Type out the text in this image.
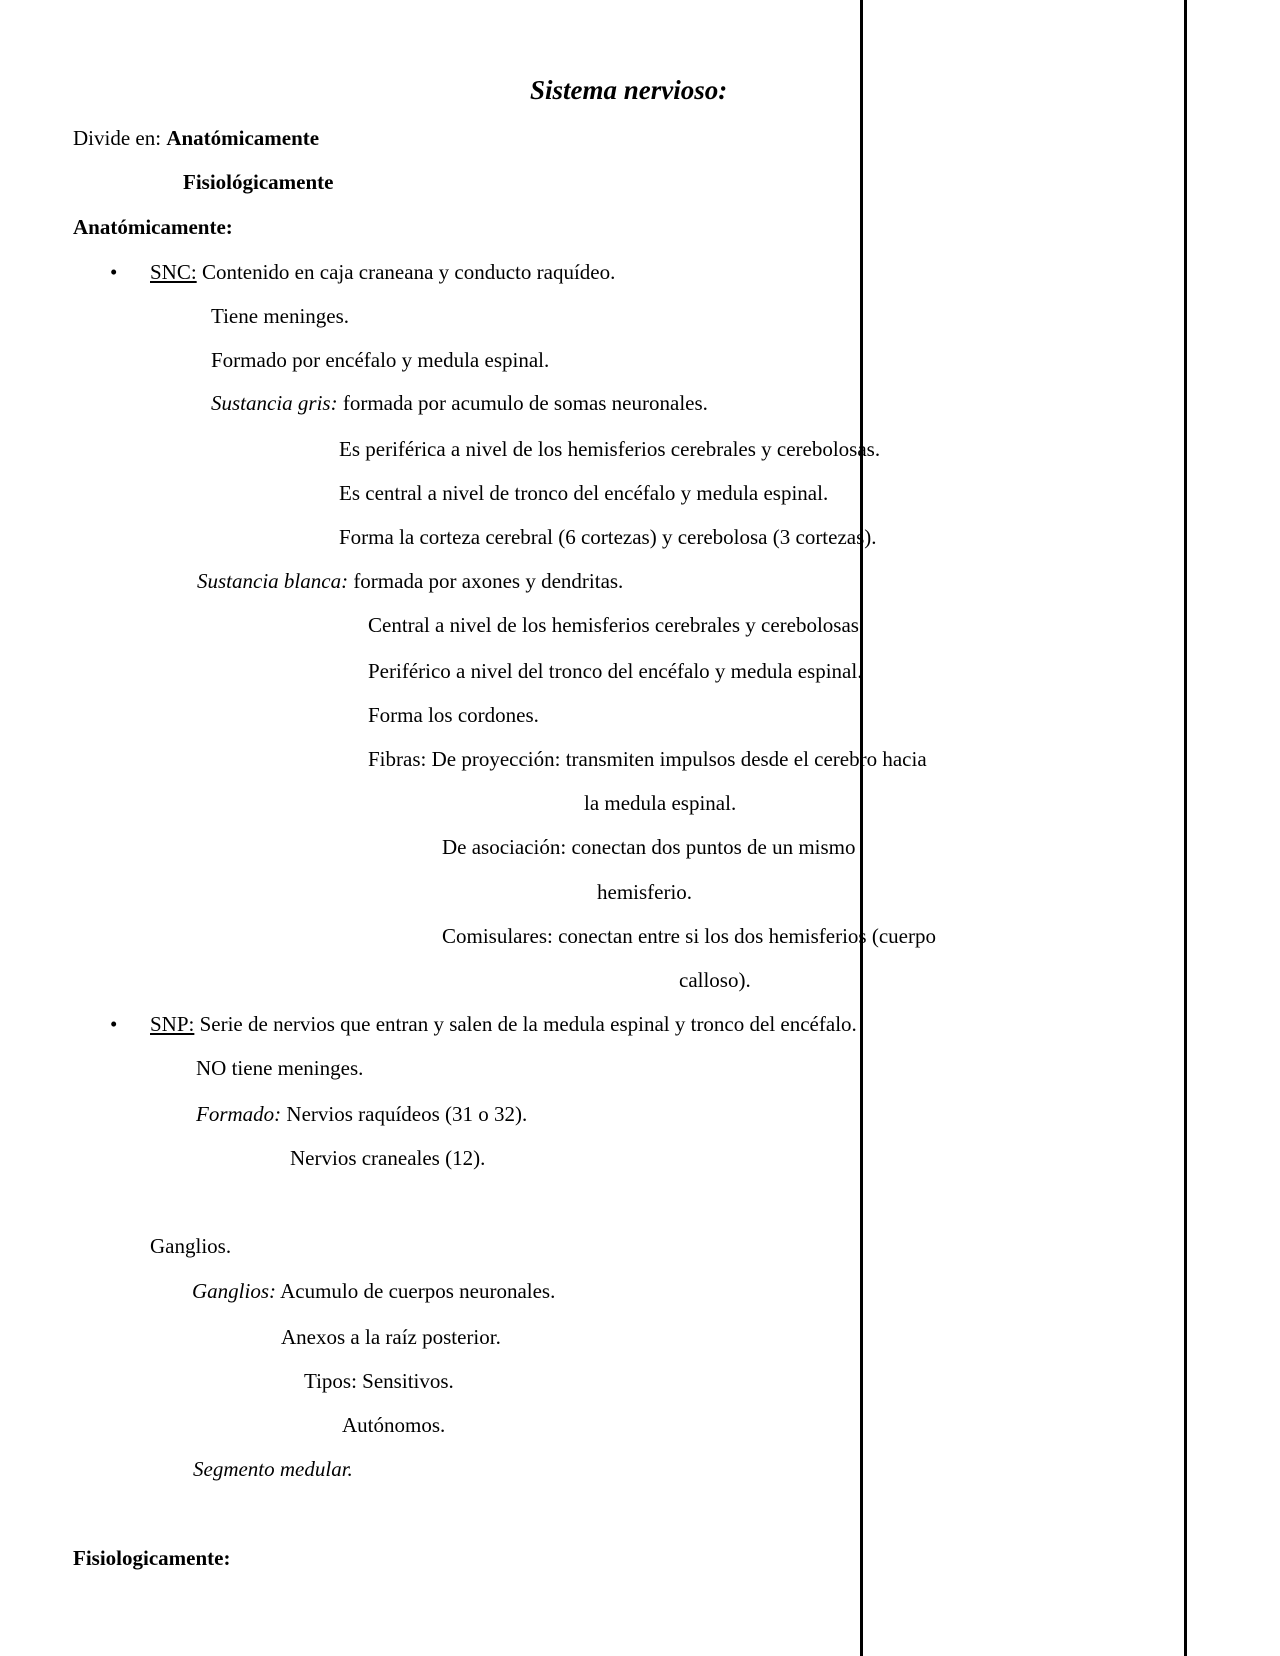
Sistema nervioso:
Divide en: Anatómicamente
Fisiológicamente
Anatómicamente:
• SNC: Contenido en caja craneana y conducto raquídeo.
Tiene meninges.
Formado por encéfalo y medula espinal.
Sustancia gris: formada por acumulo de somas neuronales.
Es periférica a nivel de los hemisferios cerebrales y cerebolosas.
Es central a nivel de tronco del encéfalo y medula espinal.
Forma la corteza cerebral (6 cortezas) y cerebolosa (3 cortezas).
Sustancia blanca: formada por axones y dendritas.
Central a nivel de los hemisferios cerebrales y cerebolosas.
Periférico a nivel del tronco del encéfalo y medula espinal.
Forma los cordones.
Fibras: De proyección: transmiten impulsos desde el cerebro hacia
la medula espinal.
De asociación: conectan dos puntos de un mismo
hemisferio.
Comisulares: conectan entre si los dos hemisferios (cuerpo
calloso).
• SNP: Serie de nervios que entran y salen de la medula espinal y tronco del encéfalo.
NO tiene meninges.
Formado: Nervios raquídeos (31 o 32).
Nervios craneales (12).
Ganglios.
Ganglios: Acumulo de cuerpos neuronales.
Anexos a la raíz posterior.
Tipos: Sensitivos.
Autónomos.
Segmento medular.
Fisiologicamente:
